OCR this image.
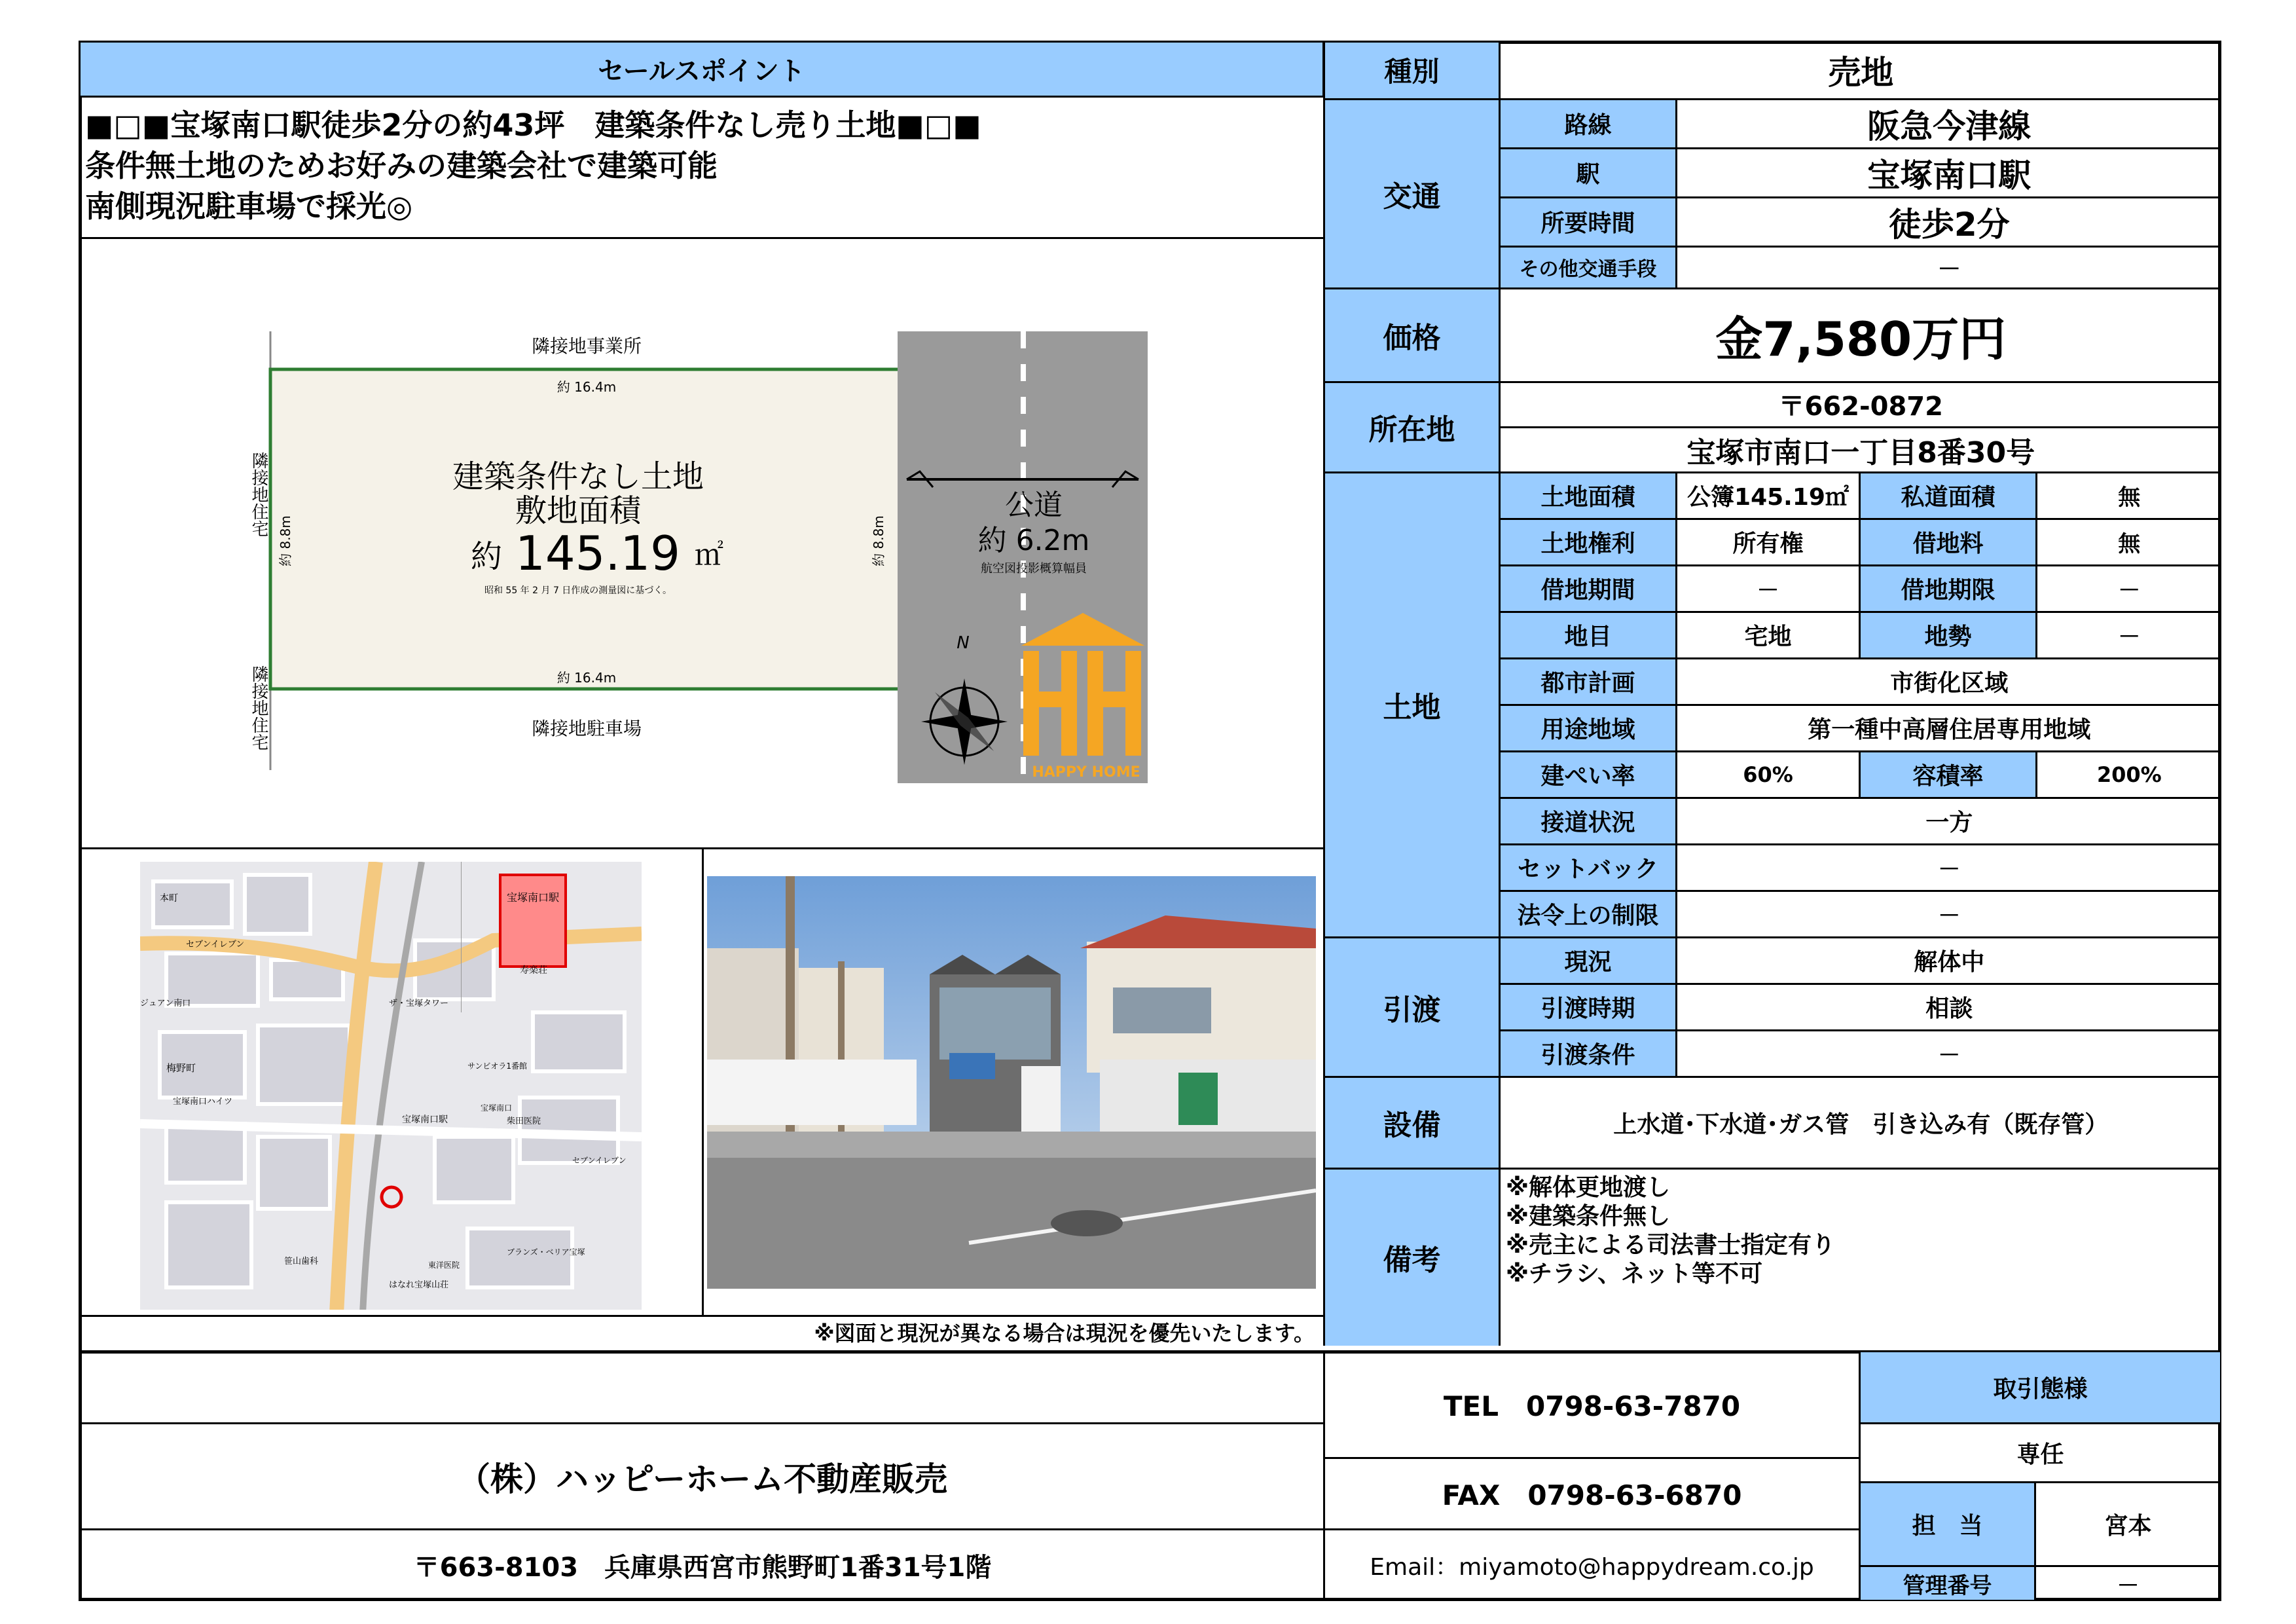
セールスポイント
■□■宝塚南口駅徒歩2分の約43坪　建築条件なし売り土地■□■
条件無土地のためお好みの建築会社で建築可能
南側現況駐車場で採光◎
隣接地事業所
隣接地駐車場
約 16.4m
約 16.4m
約 8.8m	約 8.8m
建築条件なし土地
敷地面積
約 145.19 ㎡
昭和 55 年 2 月 7 日作成の測量図に基づく。
公道
約 6.2m
航空図投影概算幅員
N
HAPPY HOME
隣接地住宅
隣接地住宅
宝塚南口駅
本町
セブンイレブン
寿楽荘
ジュアン南口	ザ・宝塚タワー
梅野町
宝塚南口ハイツ
サンビオラ1番館
宝塚南口駅
宝塚南口
柴田医院
セブンイレブン
笹山歯科
ブランズ・ベリア宝塚
はなれ宝塚山荘
東洋医院
※図面と現況が異なる場合は現況を優先いたします。
種別	売地			
交通	路線	阪急今津線		
	駅	宝塚南口駅		
	所要時間	徒歩2分		
	その他交通手段	－		
価格	金7,580万円			
所在地	〒662-0872			
	宝塚市南口一丁目8番30号			
土地	土地面積	公簿145.19㎡	私道面積	無
	土地権利	所有権	借地料	無
	借地期間	－	借地期限	－
	地目	宅地	地勢	－
	都市計画	市街化区域		
	用途地域	第一種中高層住居専用地域		
	建ぺい率	60%	容積率	200%
	接道状況	一方		
	セットバック	－		
	法令上の制限	－		
引渡	現況	解体中		
	引渡時期	相談		
	引渡条件	－		
設備	上水道･下水道･ガス管　引き込み有（既存管）			
備考	※解体更地渡し
※建築条件無し
※売主による司法書士指定有り
※チラシ、ネット等不可			
（株）ハッピーホーム不動産販売
〒663-8103　兵庫県西宮市熊野町1番31号1階
TEL　0798-63-7870
FAX　0798-63-6870
Email：miyamoto@happydream.co.jp
取引態様
専任
担　当	宮本
管理番号	－
